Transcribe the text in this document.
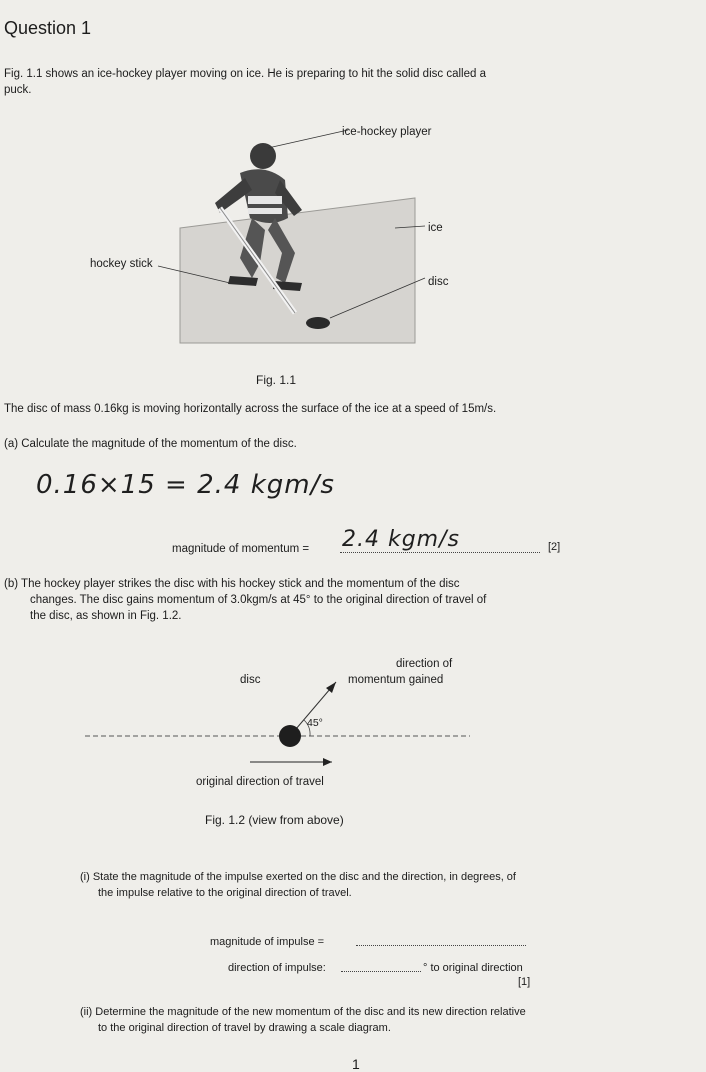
Question 1
Fig. 1.1 shows an ice-hockey player moving on ice. He is preparing to hit the solid disc called a
puck.
ice-hockey player
ice
hockey stick
disc
Fig. 1.1
The disc of mass 0.16kg is moving horizontally across the surface of the ice at a speed of 15m/s.
(a) Calculate the magnitude of the momentum of the disc.
0.16×15 = 2.4 kgm/s
magnitude of momentum = 2.4 kgm/s	[2]
(b) The hockey player strikes the disc with his hockey stick and the momentum of the disc
changes. The disc gains momentum of 3.0kgm/s at 45° to the original direction of travel of
the disc, as shown in Fig. 1.2.
direction of
momentum gained
disc
45°
original direction of travel
Fig. 1.2 (view from above)
(i) State the magnitude of the impulse exerted on the disc and the direction, in degrees, of
the impulse relative to the original direction of travel.
magnitude of impulse =
direction of impulse:	° to original direction
[1]
(ii) Determine the magnitude of the new momentum of the disc and its new direction relative
to the original direction of travel by drawing a scale diagram.
1
